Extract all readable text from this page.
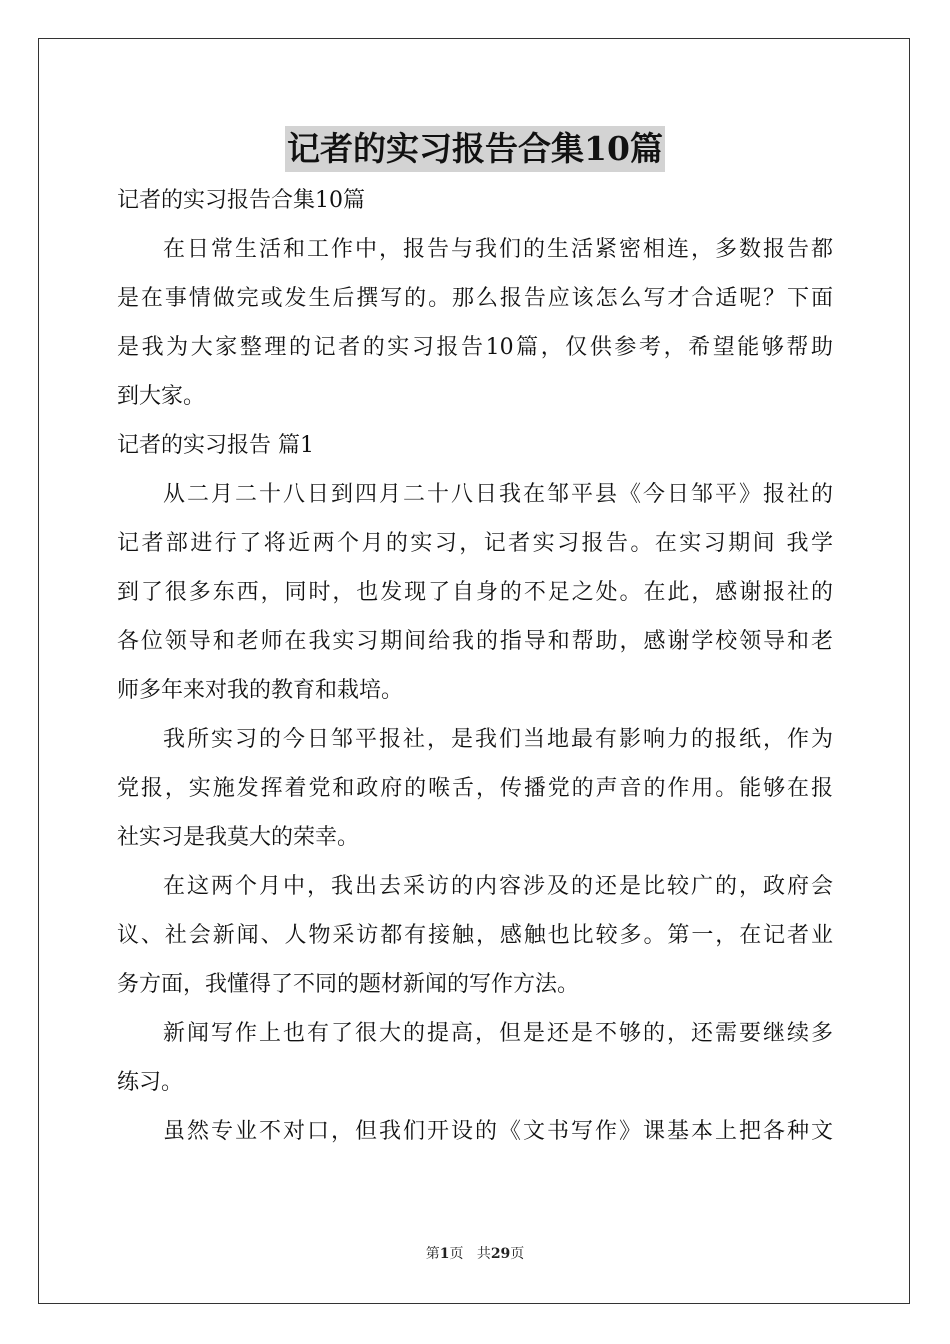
记者的实习报告合集10篇
记者的实习报告合集10篇
在日常生活和工作中，报告与我们的生活紧密相连，多数报告都
是在事情做完或发生后撰写的。那么报告应该怎么写才合适呢？下面
是我为大家整理的记者的实习报告10篇，仅供参考，希望能够帮助
到大家。
记者的实习报告 篇1
从二月二十八日到四月二十八日我在邹平县《今日邹平》报社的
记者部进行了将近两个月的实习，记者实习报告。在实习期间 我学
到了很多东西，同时，也发现了自身的不足之处。在此，感谢报社的
各位领导和老师在我实习期间给我的指导和帮助，感谢学校领导和老
师多年来对我的教育和栽培。
我所实习的今日邹平报社，是我们当地最有影响力的报纸，作为
党报，实施发挥着党和政府的喉舌，传播党的声音的作用。能够在报
社实习是我莫大的荣幸。
在这两个月中，我出去采访的内容涉及的还是比较广的，政府会
议、社会新闻、人物采访都有接触，感触也比较多。第一，在记者业
务方面，我懂得了不同的题材新闻的写作方法。
新闻写作上也有了很大的提高，但是还是不够的，还需要继续多
练习。
虽然专业不对口，但我们开设的《文书写作》课基本上把各种文
第1页 共29页
